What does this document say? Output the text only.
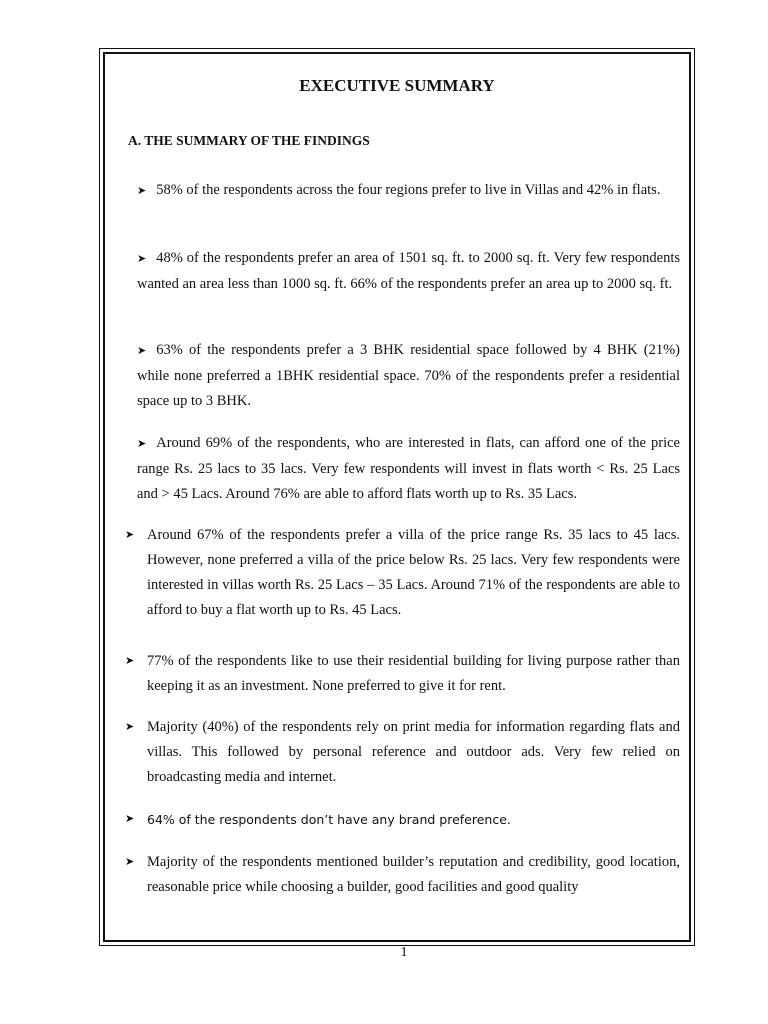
EXECUTIVE SUMMARY
A. THE SUMMARY OF THE FINDINGS

➤ 58% of the respondents across the four regions prefer to live in Villas and 42% in flats.

➤ 48% of the respondents prefer an area of 1501 sq. ft. to 2000 sq. ft. Very few respondents wanted an area less than 1000 sq. ft. 66% of the respondents prefer an area up to 2000 sq. ft.

➤ 63% of the respondents prefer a 3 BHK residential space followed by 4 BHK (21%) while none preferred a 1BHK residential space. 70% of the respondents prefer a residential space up to 3 BHK.

➤ Around 69% of the respondents, who are interested in flats, can afford one of the price range Rs. 25 lacs to 35 lacs. Very few respondents will invest in flats worth < Rs. 25 Lacs and > 45 Lacs. Around 76% are able to afford flats worth up to Rs. 35 Lacs.

➤ Around 67% of the respondents prefer a villa of the price range Rs. 35 lacs to 45 lacs. However, none preferred a villa of the price below Rs. 25 lacs. Very few respondents were interested in villas worth Rs. 25 Lacs – 35 Lacs. Around 71% of the respondents are able to afford to buy a flat worth up to Rs. 45 Lacs.

➤ 77% of the respondents like to use their residential building for living purpose rather than keeping it as an investment. None preferred to give it for rent.

➤ Majority (40%) of the respondents rely on print media for information regarding flats and villas. This followed by personal reference and outdoor ads. Very few relied on broadcasting media and internet.

➤ 64% of the respondents don’t have any brand preference.

➤ Majority of the respondents mentioned builder’s reputation and credibility, good location, reasonable price while choosing a builder, good facilities and good quality

1
